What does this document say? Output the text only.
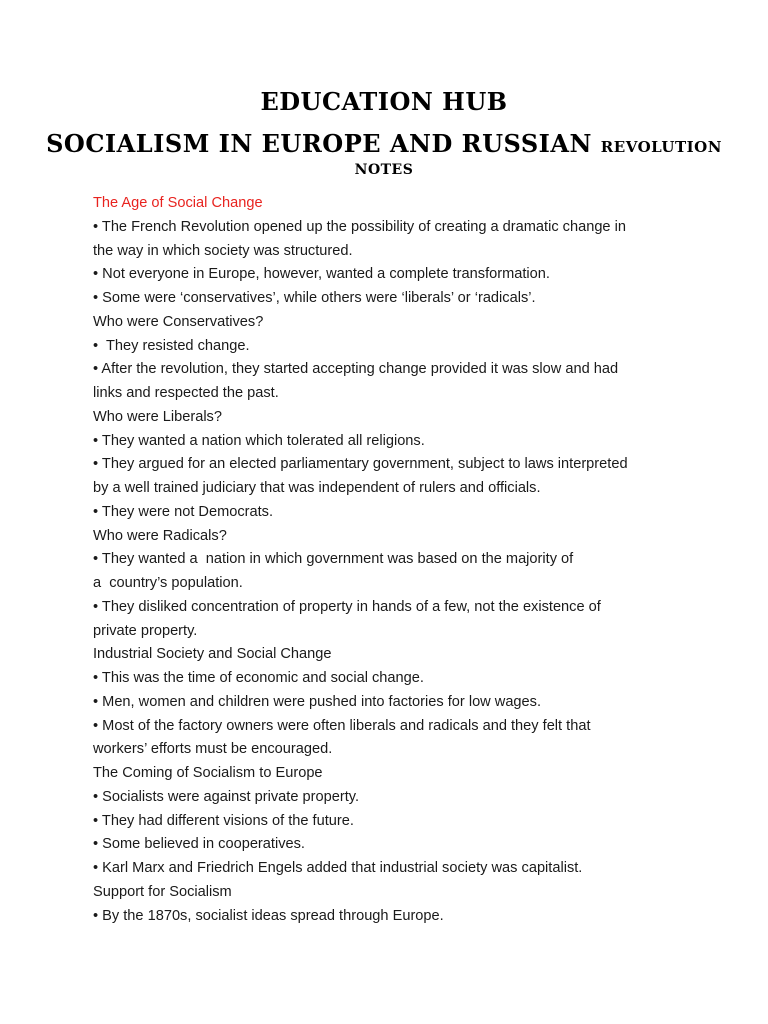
EDUCATION HUB
SOCIALISM IN EUROPE AND RUSSIAN REVOLUTION
NOTES
The Age of Social Change
• The French Revolution opened up the possibility of creating a dramatic change in
the way in which society was structured.
• Not everyone in Europe, however, wanted a complete transformation.
• Some were ‘conservatives’, while others were ‘liberals’ or ‘radicals’.
Who were Conservatives?
•  They resisted change.
• After the revolution, they started accepting change provided it was slow and had
links and respected the past.
Who were Liberals?
• They wanted a nation which tolerated all religions.
• They argued for an elected parliamentary government, subject to laws interpreted
by a well trained judiciary that was independent of rulers and officials.
• They were not Democrats.
Who were Radicals?
• They wanted a  nation in which government was based on the majority of
a  country’s population.
• They disliked concentration of property in hands of a few, not the existence of
private property.
Industrial Society and Social Change
• This was the time of economic and social change.
• Men, women and children were pushed into factories for low wages.
• Most of the factory owners were often liberals and radicals and they felt that
workers’ efforts must be encouraged.
The Coming of Socialism to Europe
• Socialists were against private property.
• They had different visions of the future.
• Some believed in cooperatives.
• Karl Marx and Friedrich Engels added that industrial society was capitalist.
Support for Socialism
• By the 1870s, socialist ideas spread through Europe.
